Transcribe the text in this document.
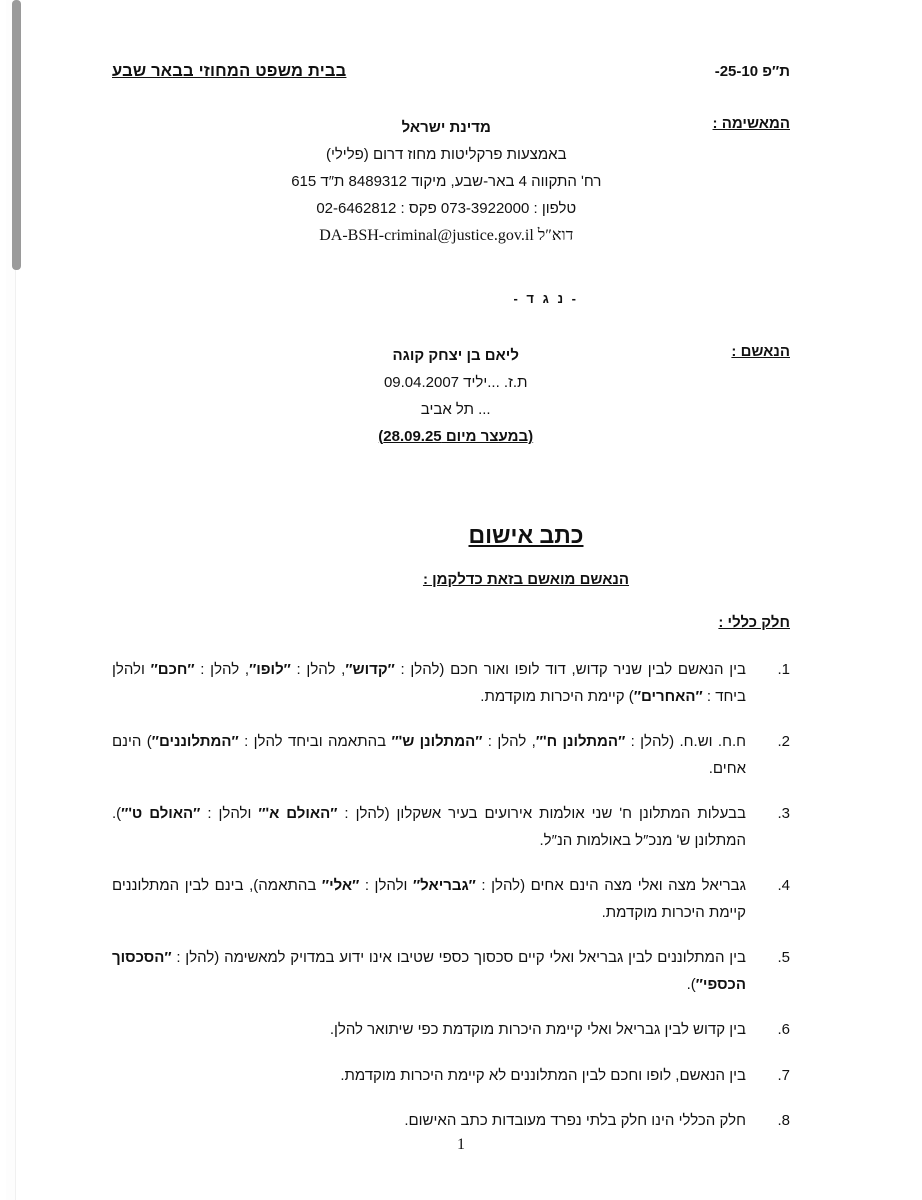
ת″פ 25-10-
בבית משפט המחוזי בבאר שבע
המאשימה :
מדינת ישראל
באמצעות פרקליטות מחוז דרום (פלילי)
רחʹ התקווה 4 באר-שבע, מיקוד 8489312 ת″ד 615
טלפון : 073-3922000 פקס : 02-6462812
דוא″ל DA-BSH-criminal@justice.gov.il
- נ ג ד -
הנאשם :
ליאם בן יצחק קוגה
ת.ז. ...יליד 09.04.2007
... תל אביב
(במעצר מיום 28.09.25)
כתב אישום
הנאשם מואשם בזאת כדלקמן :
חלק כללי :
1.
בין הנאשם לבין שניר קדוש, דוד לופו ואור חכם (להלן : ″קדוש″, להלן : ″לופו″, להלן : ″חכם″ ולהלן ביחד : ″האחרים″) קיימת היכרות מוקדמת.
2.
ח.ח. וש.ח. (להלן : ″המתלונן חʹ″, להלן : ″המתלונן שʹ″ בהתאמה וביחד להלן : ″המתלוננים″) הינם אחים.
3.
בבעלות המתלונן חʹ שני אולמות אירועים בעיר אשקלון (להלן : ″האולם אʹ″ ולהלן : ″האולם טʹ″). המתלונן שʹ מנכ″ל באולמות הנ″ל.
4.
גבריאל מצה ואלי מצה הינם אחים (להלן : ″גבריאל″ ולהלן : ″אלי″ בהתאמה), בינם לבין המתלוננים קיימת היכרות מוקדמת.
5.
בין המתלוננים לבין גבריאל ואלי קיים סכסוך כספי שטיבו אינו ידוע במדויק למאשימה (להלן : ″הסכסוך הכספי″).
6.
בין קדוש לבין גבריאל ואלי קיימת היכרות מוקדמת כפי שיתואר להלן.
7.
בין הנאשם, לופו וחכם לבין המתלוננים לא קיימת היכרות מוקדמת.
8.
חלק הכללי הינו חלק בלתי נפרד מעובדות כתב האישום.
1
